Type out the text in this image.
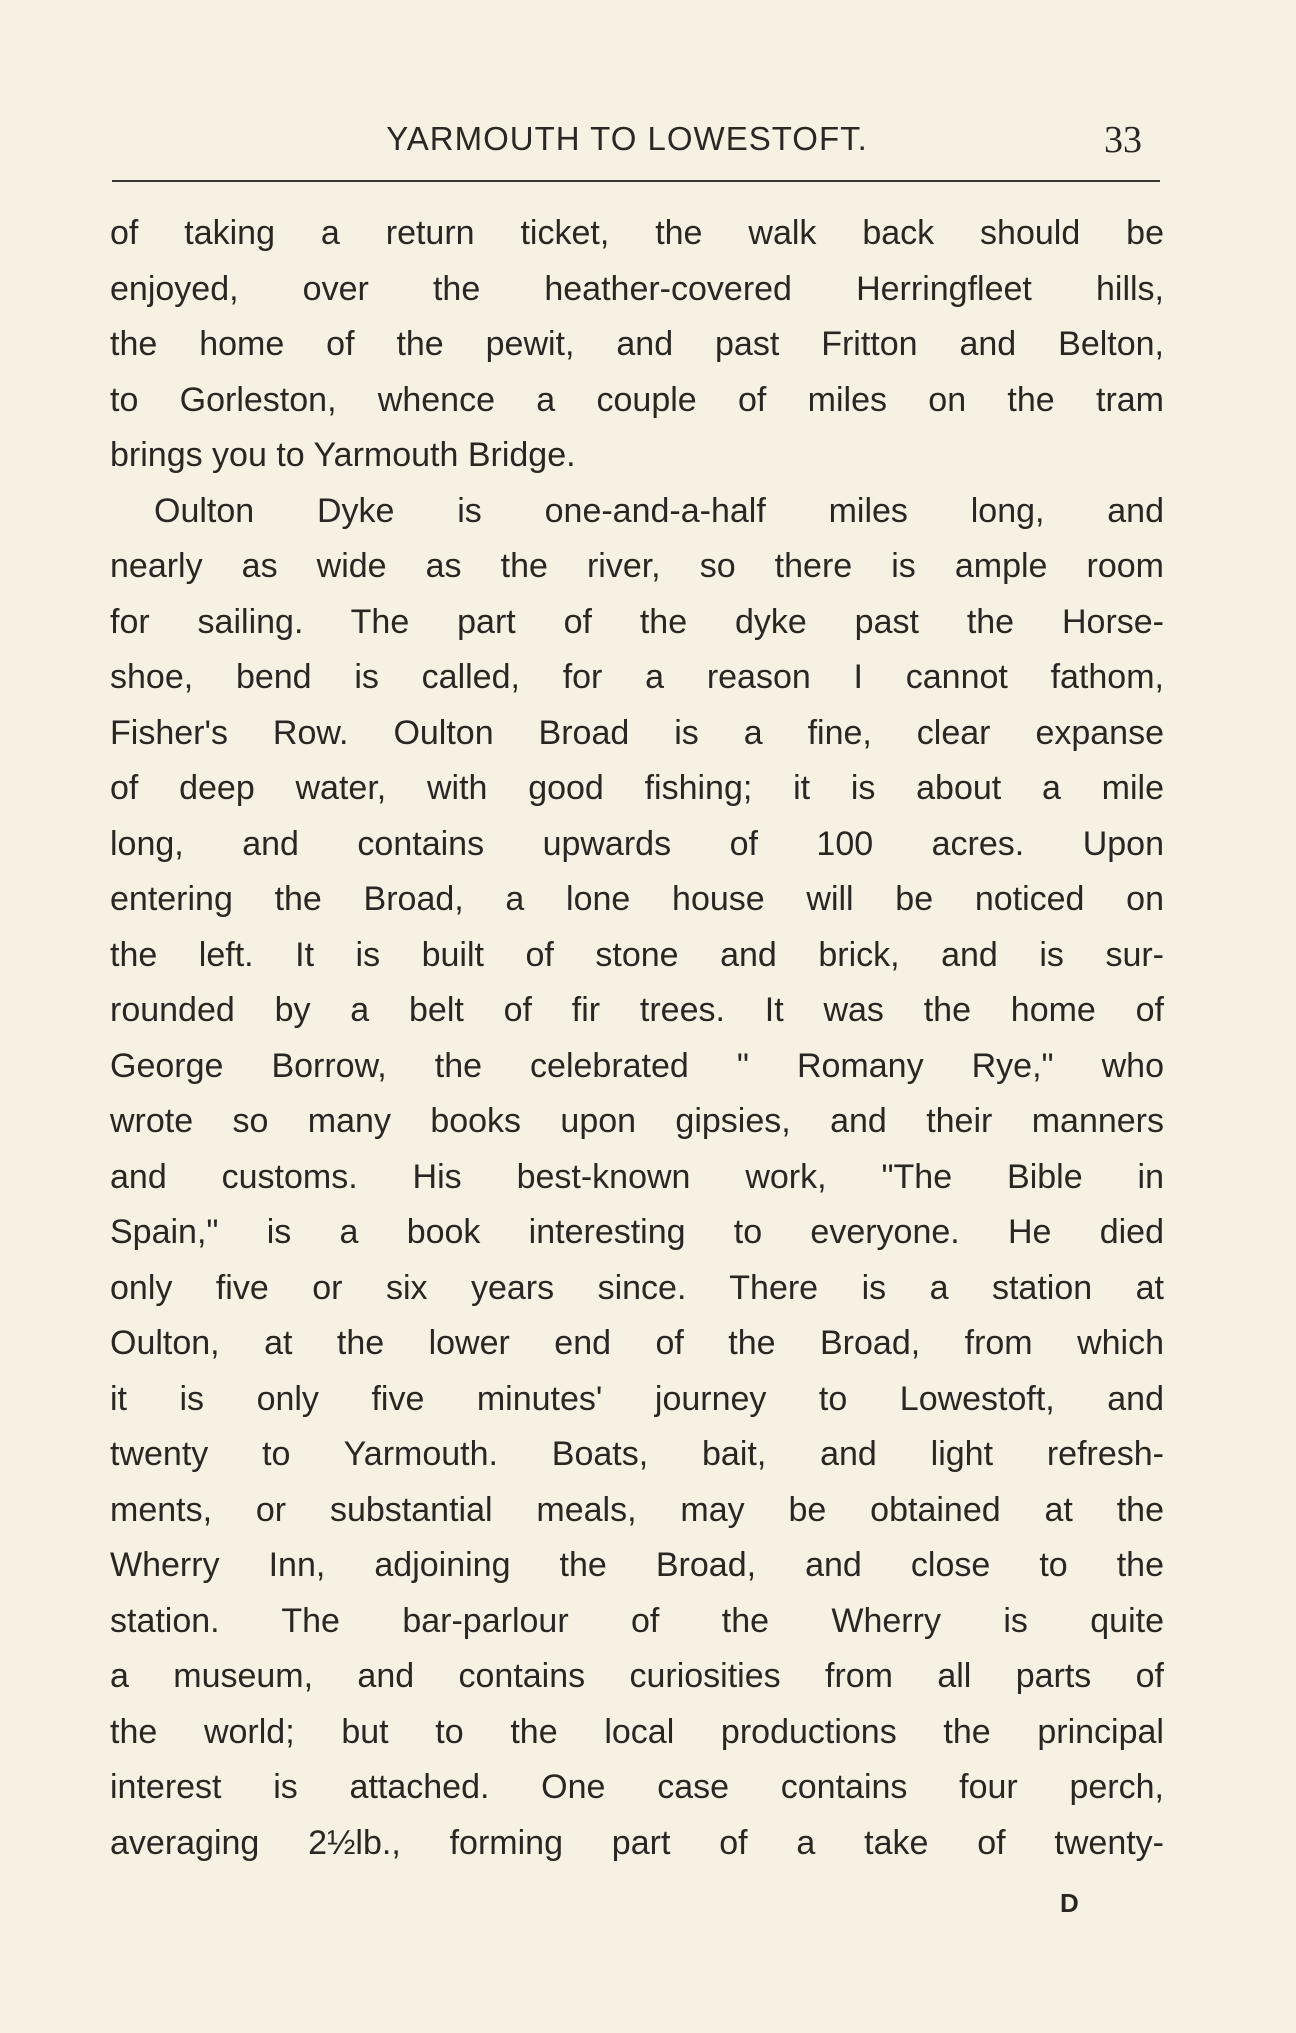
YARMOUTH TO LOWESTOFT.	33
of taking a return ticket, the walk back should be
enjoyed, over the heather-covered Herringfleet hills,
the home of the pewit, and past Fritton and Belton,
to Gorleston, whence a couple of miles on the tram
brings you to Yarmouth Bridge.
Oulton Dyke is one-and-a-half miles long, and
nearly as wide as the river, so there is ample room
for sailing. The part of the dyke past the Horse-
shoe, bend is called, for a reason I cannot fathom,
Fisher's Row. Oulton Broad is a fine, clear expanse
of deep water, with good fishing; it is about a mile
long, and contains upwards of 100 acres. Upon
entering the Broad, a lone house will be noticed on
the left. It is built of stone and brick, and is sur-
rounded by a belt of fir trees. It was the home of
George Borrow, the celebrated " Romany Rye," who
wrote so many books upon gipsies, and their manners
and customs. His best-known work, "The Bible in
Spain," is a book interesting to everyone. He died
only five or six years since. There is a station at
Oulton, at the lower end of the Broad, from which
it is only five minutes' journey to Lowestoft, and
twenty to Yarmouth. Boats, bait, and light refresh-
ments, or substantial meals, may be obtained at the
Wherry Inn, adjoining the Broad, and close to the
station. The bar-parlour of the Wherry is quite
a museum, and contains curiosities from all parts of
the world; but to the local productions the principal
interest is attached. One case contains four perch,
averaging 2½lb., forming part of a take of twenty-
D
